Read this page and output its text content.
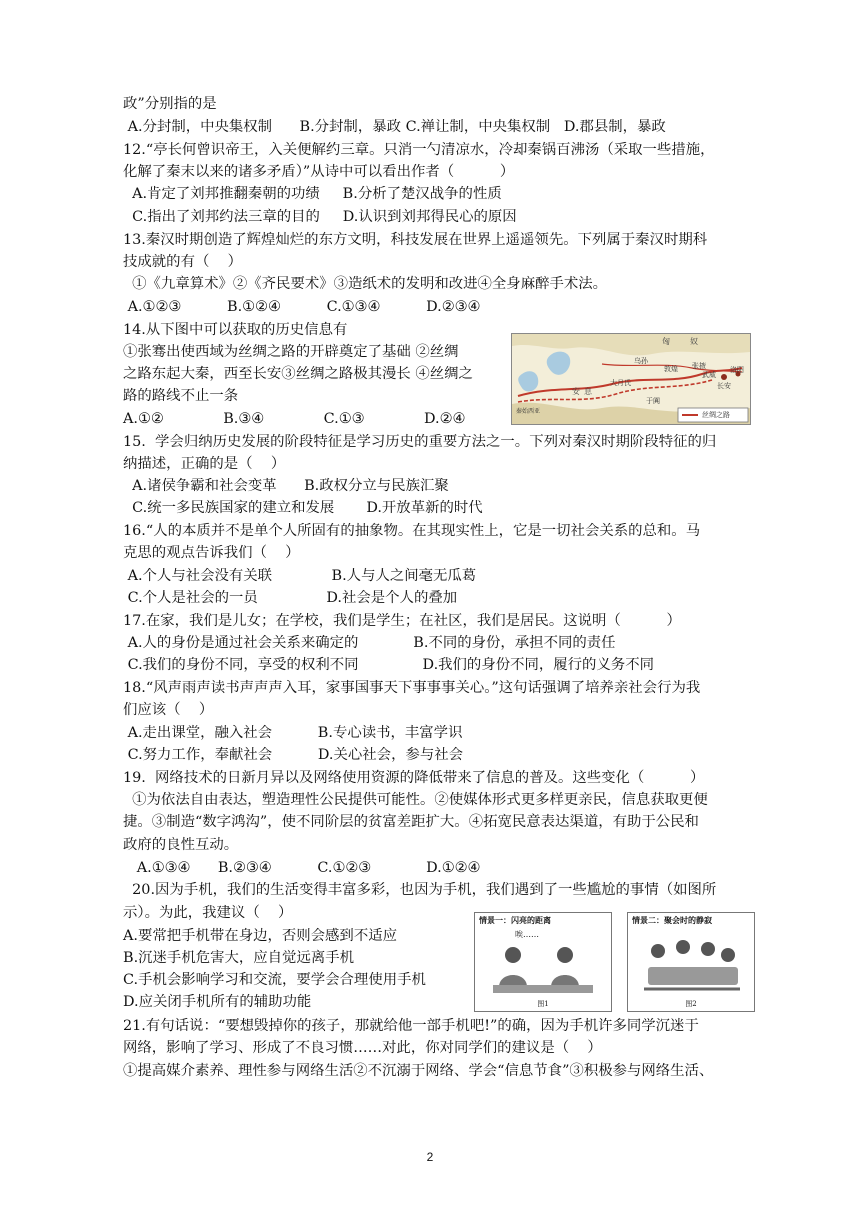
政”分别指的是
A.分封制，中央集权制      B.分封制，暴政 C.禅让制，中央集权制   D.郡县制，暴政
12.“亭长何曾识帝王，入关便解约三章。只消一勺清凉水，冷却秦锅百沸汤（采取一些措施，
化解了秦末以来的诸多矛盾）”从诗中可以看出作者（          ）
A.肯定了刘邦推翻秦朝的功绩     B.分析了楚汉战争的性质
C.指出了刘邦约法三章的目的     D.认识到刘邦得民心的原因
13.秦汉时期创造了辉煌灿烂的东方文明，科技发展在世界上遥遥领先。下列属于秦汉时期科
技成就的有（    ）
①《九章算术》②《齐民要术》③造纸术的发明和改进④全身麻醉手术法。
A.①②③          B.①②④          C.①③④          D.②③④
14.从下图中可以获取的历史信息有
①张骞出使西域为丝绸之路的开辟奠定了基础 ②丝绸
之路东起大秦，西至长安③丝绸之路极其漫长 ④丝绸之
路的路线不止一条
A.①②             B.③④             C.①③             D.②④
15.  学会归纳历史发展的阶段特征是学习历史的重要方法之一。下列对秦汉时期阶段特征的归
纳描述，正确的是（    ）
A.诸侯争霸和社会变革      B.政权分立与民族汇聚
C.统一多民族国家的建立和发展       D.开放革新的时代
16.“人的本质并不是单个人所固有的抽象物。在其现实性上，它是一切社会关系的总和。马
克思的观点告诉我们（    ）
A.个人与社会没有关联             B.人与人之间毫无瓜葛
C.个人是社会的一员               D.社会是个人的叠加
17.在家，我们是儿女；在学校，我们是学生；在社区，我们是居民。这说明（          ）
A.人的身份是通过社会关系来确定的            B.不同的身份，承担不同的责任
C.我们的身份不同，享受的权利不同              D.我们的身份不同，履行的义务不同
18.“风声雨声读书声声声入耳，家事国事天下事事事关心。”这句话强调了培养亲社会行为我
们应该（    ）
A.走出课堂，融入社会          B.专心读书，丰富学识
C.努力工作，奉献社会          D.关心社会，参与社会
19.  网络技术的日新月异以及网络使用资源的降低带来了信息的普及。这些变化（          ）
①为依法自由表达，塑造理性公民提供可能性。②使媒体形式更多样更亲民，信息获取更便
捷。③制造“数字鸿沟”，使不同阶层的贫富差距扩大。④拓宽民意表达渠道，有助于公民和
政府的良性互动。
A.①③④      B.②③④          C.①②③            D.①②④
20.因为手机，我们的生活变得丰富多彩，也因为手机，我们遇到了一些尴尬的事情（如图所
示）。为此，我建议（    ）
A.要常把手机带在身边，否则会感到不适应
B.沉迷手机危害大，应自觉远离手机
C.手机会影响学习和交流，要学会合理使用手机
D.应关闭手机所有的辅助功能
21.有句话说：“要想毁掉你的孩子，那就给他一部手机吧!”的确，因为手机许多同学沉迷于
网络，影响了学习、形成了不良习惯……对此，你对同学们的建议是（    ）
①提高媒介素养、理性参与网络生活②不沉溺于网络、学会“信息节食”③积极参与网络生活、
匈	奴
安 息
乌孙
大月氏
敦煌 张掖
武威
长安
洛阳
秦始西亚
于阗
丝绸之路
情景一：闪亮的距离
唉……
图1
情景二：聚会时的静寂
图2
2
